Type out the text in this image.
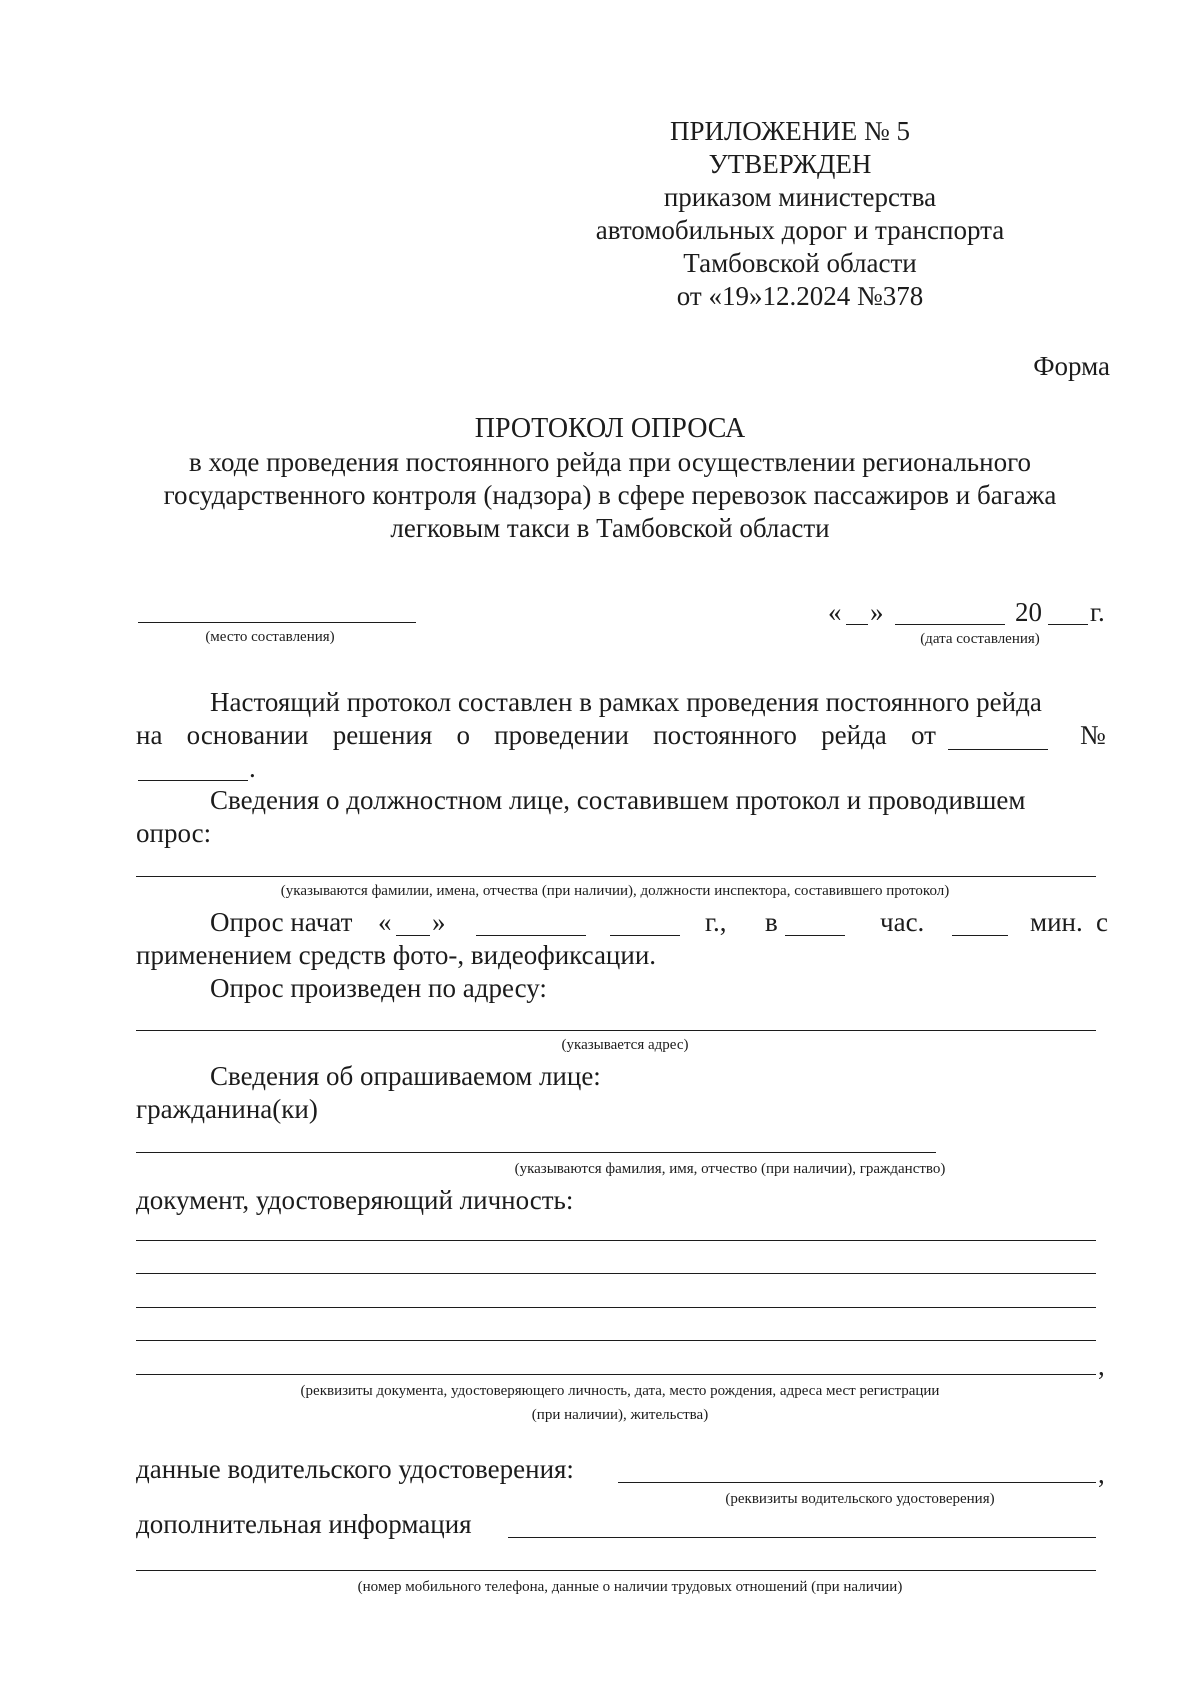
ПРИЛОЖЕНИЕ № 5
УТВЕРЖДЕН
приказом министерства
автомобильных дорог и транспорта
Тамбовской области
от «19»12.2024 №378
Форма
ПРОТОКОЛ ОПРОСА
в ходе проведения постоянного рейда при осуществлении регионального
государственного контроля (надзора) в сфере перевозок пассажиров и багажа
легковым такси в Тамбовской области
(место составления)
« »	20 г.
(дата составления)
Настоящий протокол составлен в рамках проведения постоянного рейда
на основании решения о проведении постоянного рейда от	№
.
Сведения о должностном лице, составившем протокол и проводившем
опрос:
(указываются фамилии, имена, отчества (при наличии), должности инспектора, составившего протокол)
Опрос начат « »	г., в	час.	мин. с
применением средств фото-, видеофиксации.
Опрос произведен по адресу:
(указывается адрес)
Сведения об опрашиваемом лице:
гражданина(ки)
(указываются фамилия, имя, отчество (при наличии), гражданство)
документ, удостоверяющий личность:
,
(реквизиты документа, удостоверяющего личность, дата, место рождения, адреса мест регистрации
(при наличии), жительства)
данные водительского удостоверения:	,
(реквизиты водительского удостоверения)
дополнительная информация
(номер мобильного телефона, данные о наличии трудовых отношений (при наличии)
